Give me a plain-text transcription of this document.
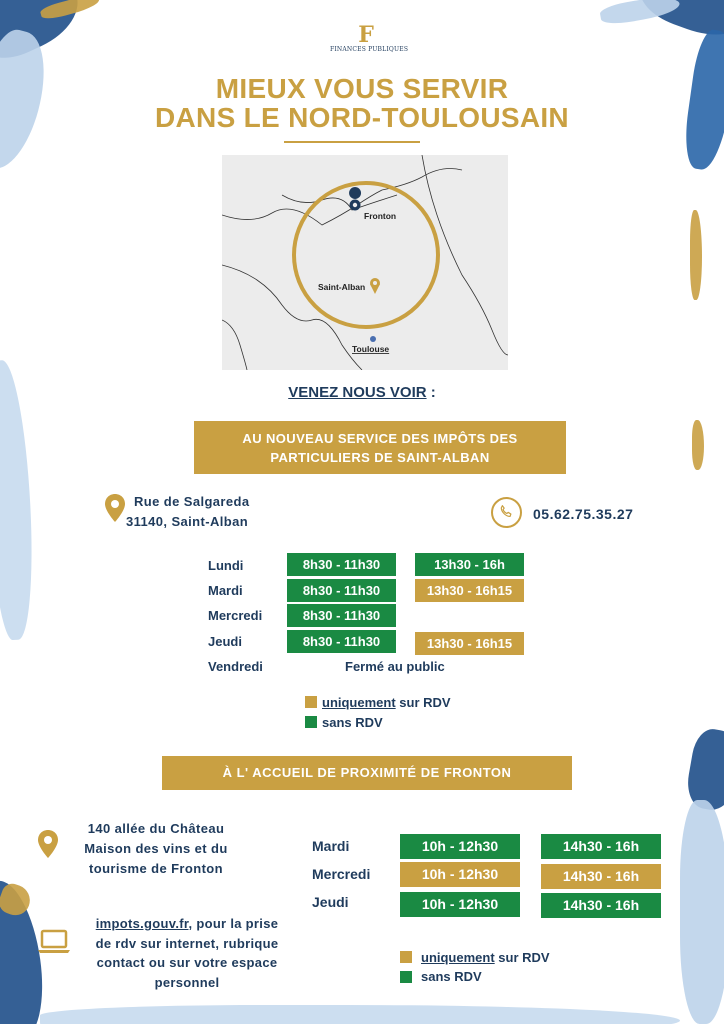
F
FINANCES PUBLIQUES
MIEUX VOUS SERVIR
DANS LE NORD-TOULOUSAIN
Fronton
Saint-Alban
Toulouse
VENEZ NOUS VOIR :
AU NOUVEAU SERVICE DES IMPÔTS DES
PARTICULIERS DE SAINT-ALBAN
Rue de Salgareda
31140, Saint-Alban	05.62.75.35.27
Lundi	8h30 - 11h30	13h30 - 16h
Mardi	8h30 - 11h30	13h30 - 16h15
Mercredi	8h30 - 11h30
Jeudi	8h30 - 11h30	13h30 - 16h15
Vendredi	Fermé au public
uniquement sur RDV
sans RDV
À L' ACCUEIL DE PROXIMITÉ DE FRONTON
140 allée du Château
Maison des vins et du
tourisme de Fronton
impots.gouv.fr, pour la prise
de rdv sur internet, rubrique
contact ou sur votre espace
personnel
Mardi	10h - 12h30	14h30 - 16h
Mercredi	10h - 12h30	14h30 - 16h
Jeudi	10h - 12h30	14h30 - 16h
uniquement sur RDV
sans RDV
